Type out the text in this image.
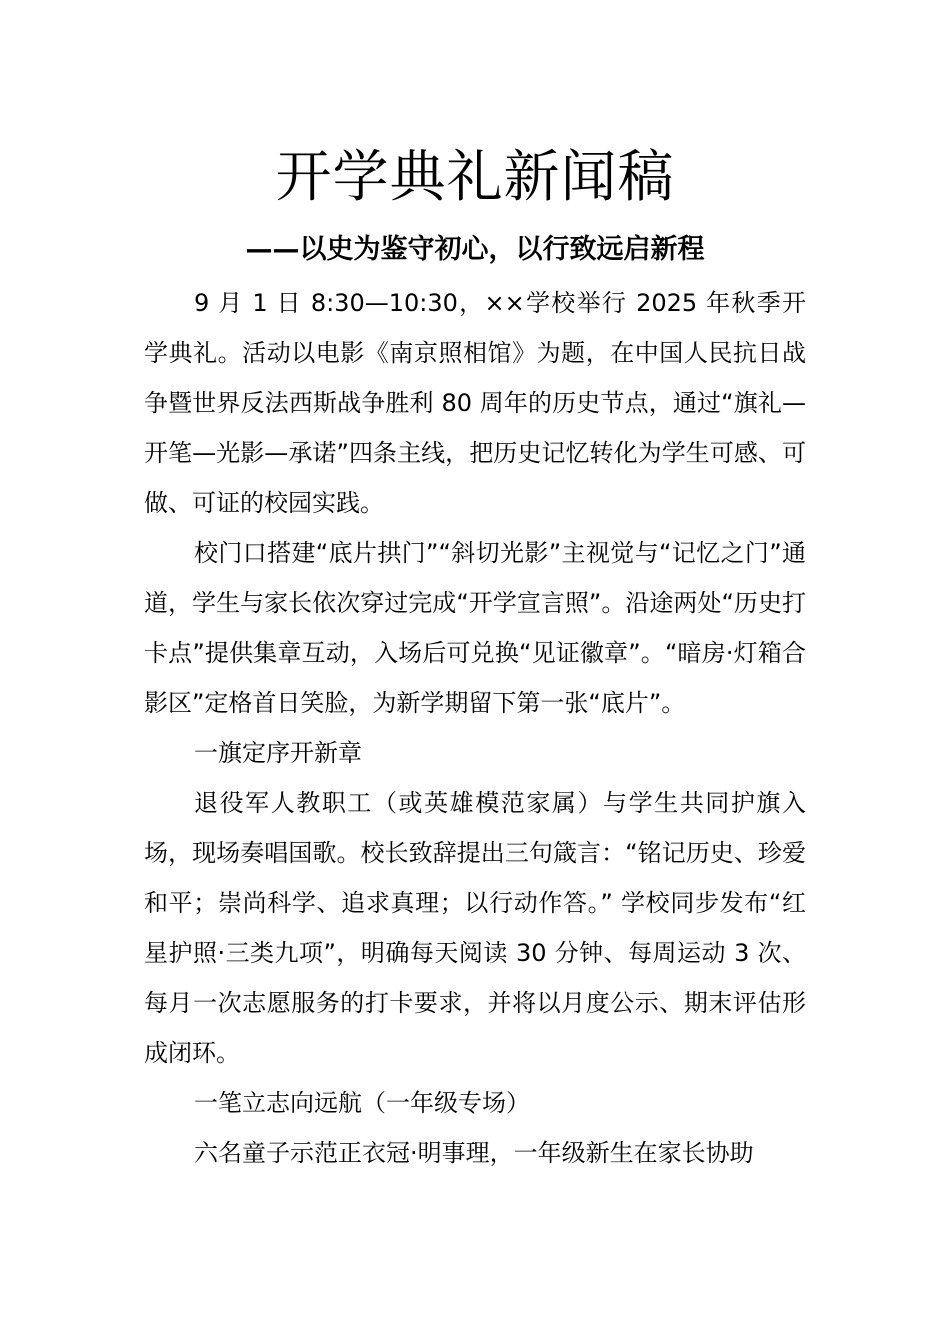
开学典礼新闻稿
——以史为鉴守初心，以行致远启新程

9 月 1 日 8:30—10:30，××学校举行 2025 年秋季开学典礼。活动以电影《南京照相馆》为题，在中国人民抗日战争暨世界反法西斯战争胜利 80 周年的历史节点，通过“旗礼—开笔—光影—承诺”四条主线，把历史记忆转化为学生可感、可做、可证的校园实践。

校门口搭建“底片拱门”“斜切光影”主视觉与“记忆之门”通道，学生与家长依次穿过完成“开学宣言照”。沿途两处“历史打卡点”提供集章互动，入场后可兑换“见证徽章”。“暗房·灯箱合影区”定格首日笑脸，为新学期留下第一张“底片”。

一旗定序开新章

退役军人教职工（或英雄模范家属）与学生共同护旗入场，现场奏唱国歌。校长致辞提出三句箴言：“铭记历史、珍爱和平；崇尚科学、追求真理；以行动作答。” 学校同步发布“红星护照·三类九项”，明确每天阅读 30 分钟、每周运动 3 次、每月一次志愿服务的打卡要求，并将以月度公示、期末评估形成闭环。

一笔立志向远航（一年级专场）

六名童子示范正衣冠·明事理，一年级新生在家长协助
